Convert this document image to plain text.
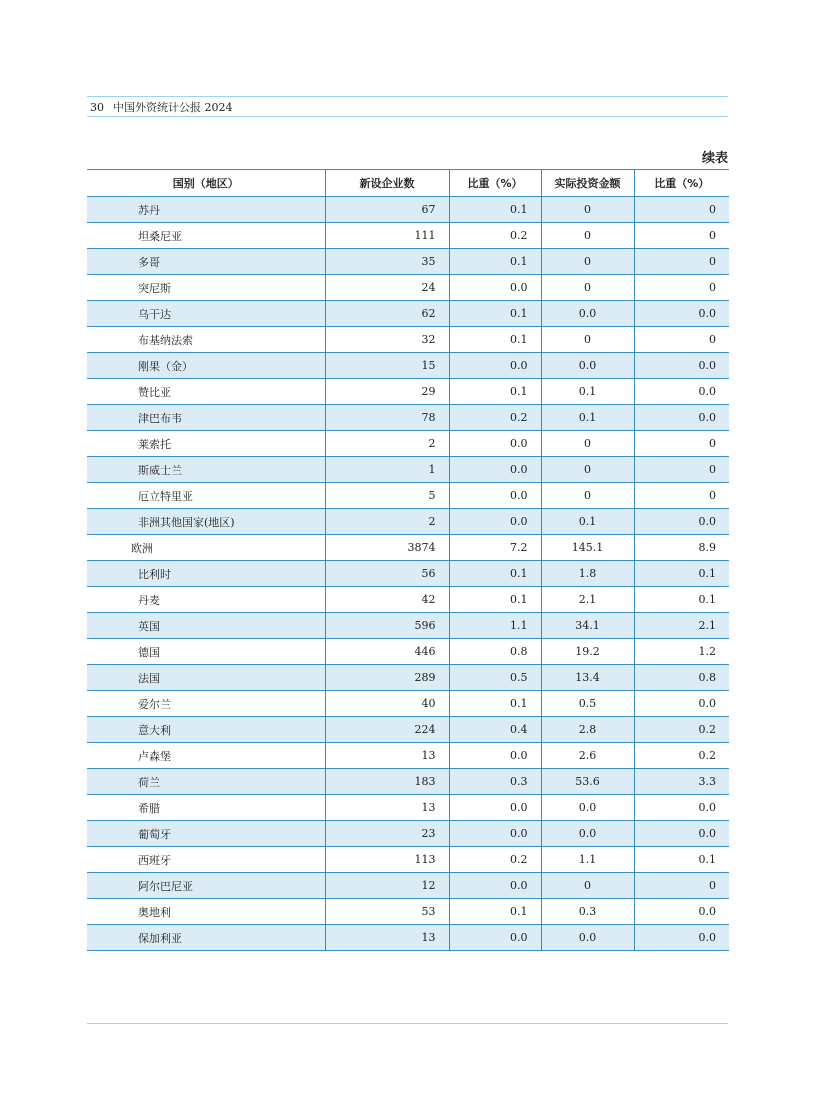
30 中国外资统计公报 2024
续表
国别（地区）	新设企业数	比重（%）	实际投资金额	比重（%）
苏丹	67	0.1	0	0
坦桑尼亚	111	0.2	0	0
多哥	35	0.1	0	0
突尼斯	24	0.0	0	0
乌干达	62	0.1	0.0	0.0
布基纳法索	32	0.1	0	0
刚果（金）	15	0.0	0.0	0.0
赞比亚	29	0.1	0.1	0.0
津巴布韦	78	0.2	0.1	0.0
莱索托	2	0.0	0	0
斯威士兰	1	0.0	0	0
厄立特里亚	5	0.0	0	0
非洲其他国家(地区)	2	0.0	0.1	0.0
欧洲	3874	7.2	145.1	8.9
比利时	56	0.1	1.8	0.1
丹麦	42	0.1	2.1	0.1
英国	596	1.1	34.1	2.1
德国	446	0.8	19.2	1.2
法国	289	0.5	13.4	0.8
爱尔兰	40	0.1	0.5	0.0
意大利	224	0.4	2.8	0.2
卢森堡	13	0.0	2.6	0.2
荷兰	183	0.3	53.6	3.3
希腊	13	0.0	0.0	0.0
葡萄牙	23	0.0	0.0	0.0
西班牙	113	0.2	1.1	0.1
阿尔巴尼亚	12	0.0	0	0
奥地利	53	0.1	0.3	0.0
保加利亚	13	0.0	0.0	0.0
